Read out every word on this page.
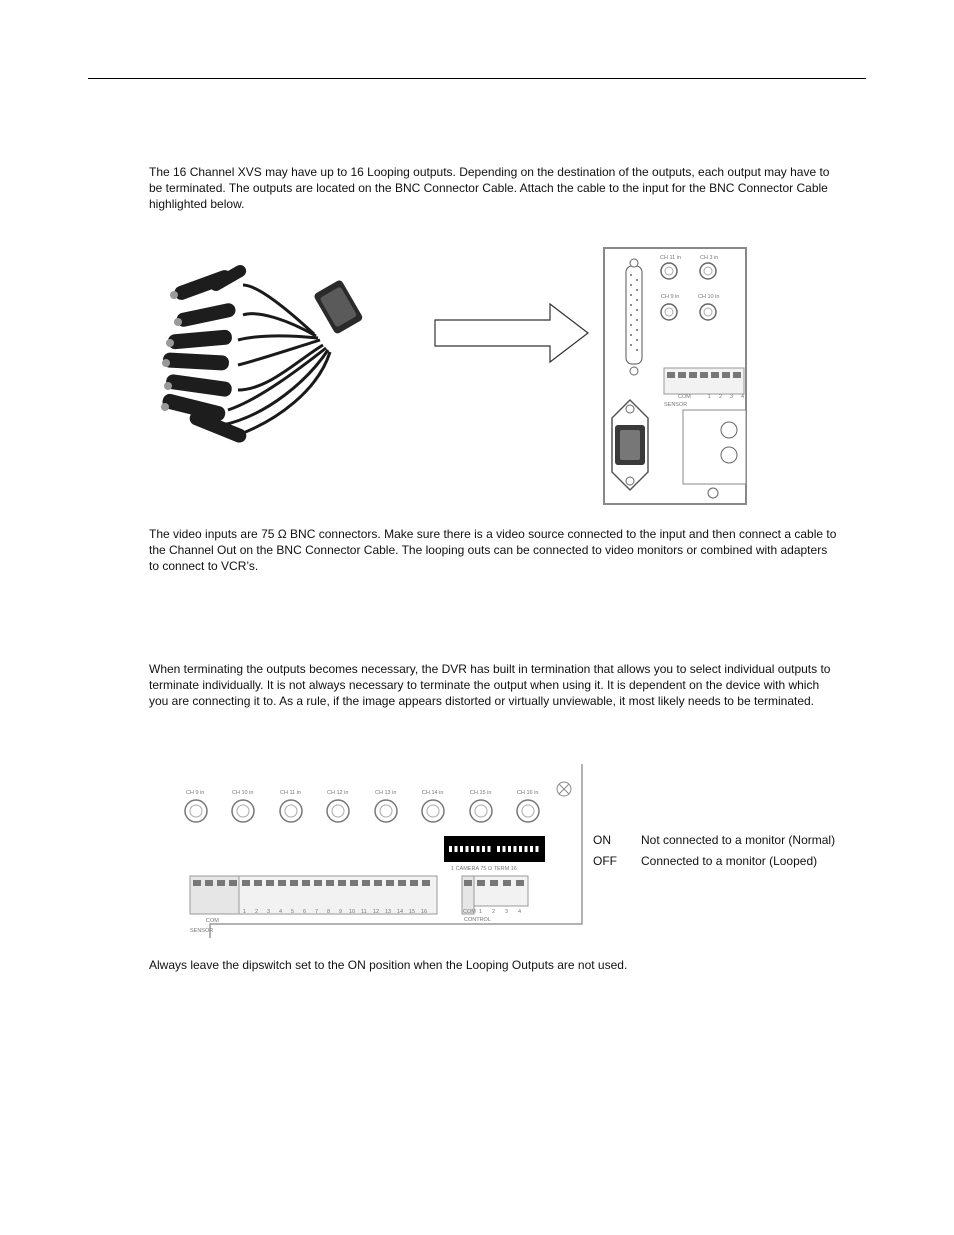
The 16 Channel XVS may have up to 16 Looping outputs. Depending on the destination of the outputs, each output may have to be terminated. The outputs are located on the BNC Connector Cable. Attach the cable to the input for the BNC Connector Cable highlighted below.

CH 11 in	CH 3 in
CH 9 in	CH 10 in
COM
SENSOR
1 2 3 4

The video inputs are 75 Ω BNC connectors. Make sure there is a video source connected to the input and then connect a cable to the Channel Out on the BNC Connector Cable. The looping outs can be connected to video monitors or combined with adapters to connect to VCR’s.

When terminating the outputs becomes necessary, the DVR has built in termination that allows you to select individual outputs to terminate individually. It is not always necessary to terminate the output when using it. It is dependent on the device with which you are connecting it to. As a rule, if the image appears distorted or virtually unviewable, it most likely needs to be terminated.

CH 9 in	CH 10 in	CH 11 in	CH 12 in	CH 13 in	CH 14 in	CH 15 in	CH 16 in
1 CAMERA 75 Ω TERM 16
COM
SENSOR
1 2 3 4 5 6 7 8 9 10 11 12 13 14 15 16	COM
CONTROL
1 2 3 4
ON	Not connected to a monitor (Normal)
OFF	Connected to a monitor (Looped)

Always leave the dipswitch set to the ON position when the Looping Outputs are not used.
